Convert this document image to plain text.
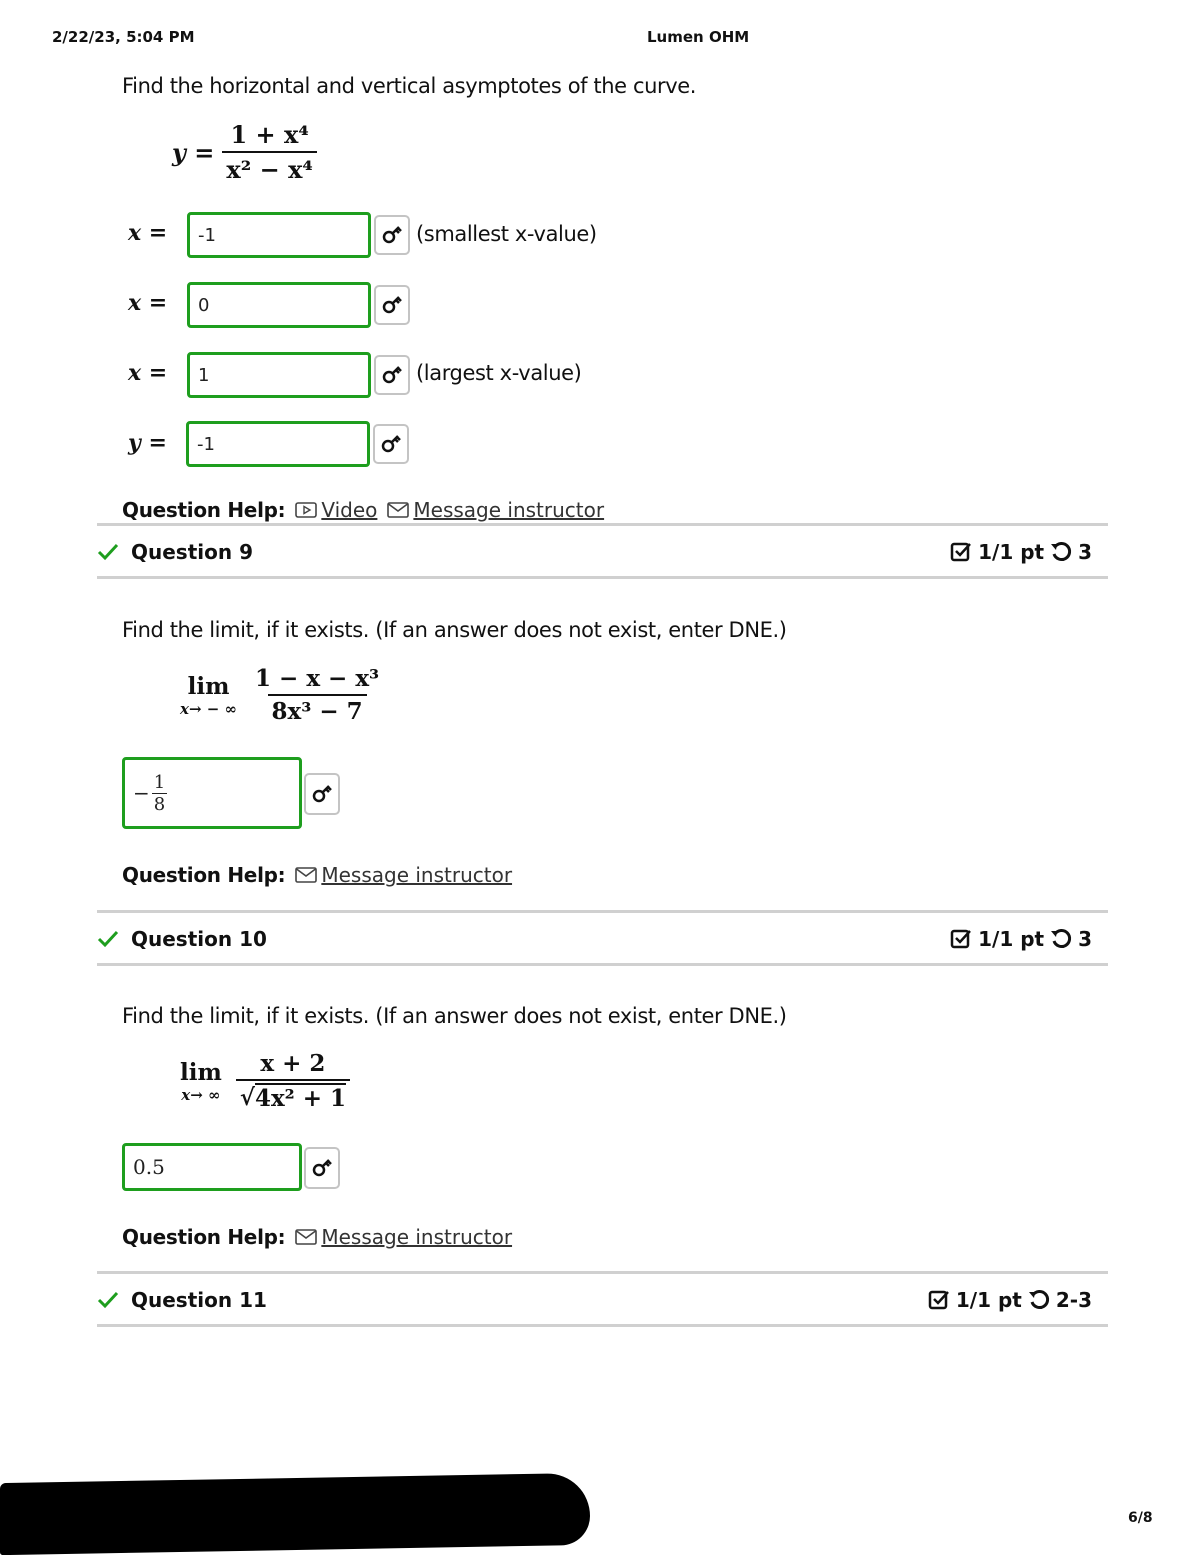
2/22/23, 5:04 PM	Lumen OHM
6/8
Find the horizontal and vertical asymptotes of the curve.
$y = \frac{\text{1 + x⁴}}{\text{x² − x⁴}}$
x =	-1	(smallest x-value)
x =	0
x =	1	(largest x-value)
y =	-1
Question Help: Video Message instructor
Question 9	1/1 pt 3
Find the limit, if it exists. (If an answer does not exist, enter DNE.)
lim
x→ − ∞ $\frac{\text{1 − x − x³}}{\text{8x³ − 7}}$
− $\frac{1}{8}$
Question Help: Message instructor
Question 10	1/1 pt 3
Find the limit, if it exists. (If an answer does not exist, enter DNE.)
lim
x→ ∞ $\frac{x + 2}{\text{√ 4x² + 1}}$
0.5
Question Help: Message instructor
Question 11	1/1 pt 2-3
